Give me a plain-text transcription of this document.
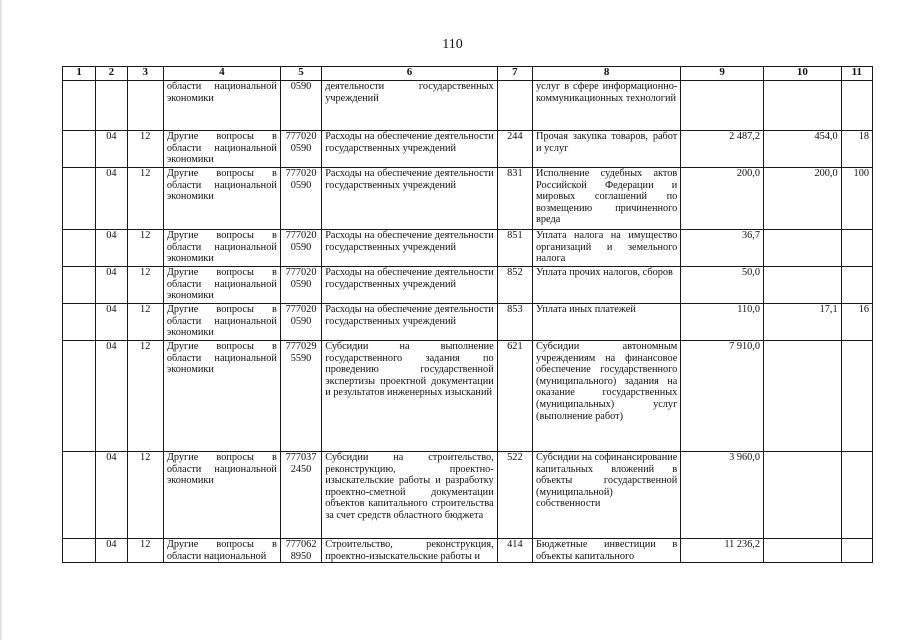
110
1	2	3	4	5	6	7	8	9	10	11
			области национальной экономики	0590	деятельности государственных учреждений		услуг в сфере информационно-коммуникационных технологий			
	04	12	Другие вопросы в области национальной экономики	777020 0590	Расходы на обеспечение деятельности государственных учреждений	244	Прочая закупка товаров, работ и услуг	2 487,2	454,0	18
	04	12	Другие вопросы в области национальной экономики	777020 0590	Расходы на обеспечение деятельности государственных учреждений	831	Исполнение судебных актов Российской Федерации и мировых соглашений по возмещению причиненного вреда	200,0	200,0	100
	04	12	Другие вопросы в области национальной экономики	777020 0590	Расходы на обеспечение деятельности государственных учреждений	851	Уплата налога на имущество организаций и земельного налога	36,7		
	04	12	Другие вопросы в области национальной экономики	777020 0590	Расходы на обеспечение деятельности государственных учреждений	852	Уплата прочих налогов, сборов	50,0		
	04	12	Другие вопросы в области национальной экономики	777020 0590	Расходы на обеспечение деятельности государственных учреждений	853	Уплата иных платежей	110,0	17,1	16
	04	12	Другие вопросы в области национальной экономики	777029 5590	Субсидии на выполнение государственного задания по проведению государственной экспертизы проектной документации и результатов инженерных изысканий	621	Субсидии автономным учреждениям на финансовое обеспечение государственного (муниципального) задания на оказание государственных (муниципальных) услуг (выполнение работ)	7 910,0		
	04	12	Другие вопросы в области национальной экономики	777037 2450	Субсидии на строительство, реконструкцию, проектно-изыскательские работы и разработку проектно-сметной документации объектов капитального строительства за счет средств областного бюджета	522	Субсидии на софинансирование капитальных вложений в объекты государственной (муниципальной) собственности	3 960,0		
	04	12	Другие вопросы в области национальной	777062 8950	Строительство, реконструкция, проектно-изыскательские работы и	414	Бюджетные инвестиции в объекты капитального	11 236,2		
